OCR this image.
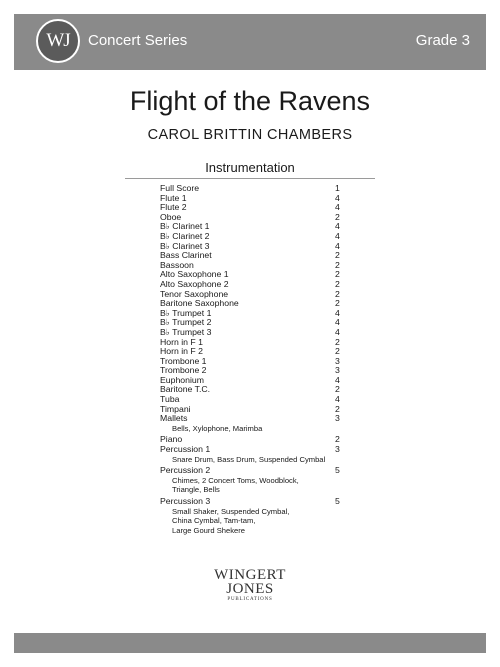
WJ	Concert Series	Grade 3
Flight of the Ravens
CAROL BRITTIN CHAMBERS
Instrumentation
Full Score	1
Flute 1	4
Flute 2	4
Oboe	2
B♭ Clarinet 1	4
B♭ Clarinet 2	4
B♭ Clarinet 3	4
Bass Clarinet	2
Bassoon	2
Alto Saxophone 1	2
Alto Saxophone 2	2
Tenor Saxophone	2
Baritone Saxophone	2
B♭ Trumpet 1	4
B♭ Trumpet 2	4
B♭ Trumpet 3	4
Horn in F 1	2
Horn in F 2	2
Trombone 1	3
Trombone 2	3
Euphonium	4
Baritone T.C.	2
Tuba	4
Timpani	2
Mallets	3
Bells, Xylophone, Marimba
Piano	2
Percussion 1	3
Snare Drum, Bass Drum, Suspended Cymbal
Percussion 2	5
Chimes, 2 Concert Toms, Woodblock,
Triangle, Bells
Percussion 3	5
Small Shaker, Suspended Cymbal,
China Cymbal, Tam-tam,
Large Gourd Shekere
WINGERT
JONES
PUBLICATIONS
